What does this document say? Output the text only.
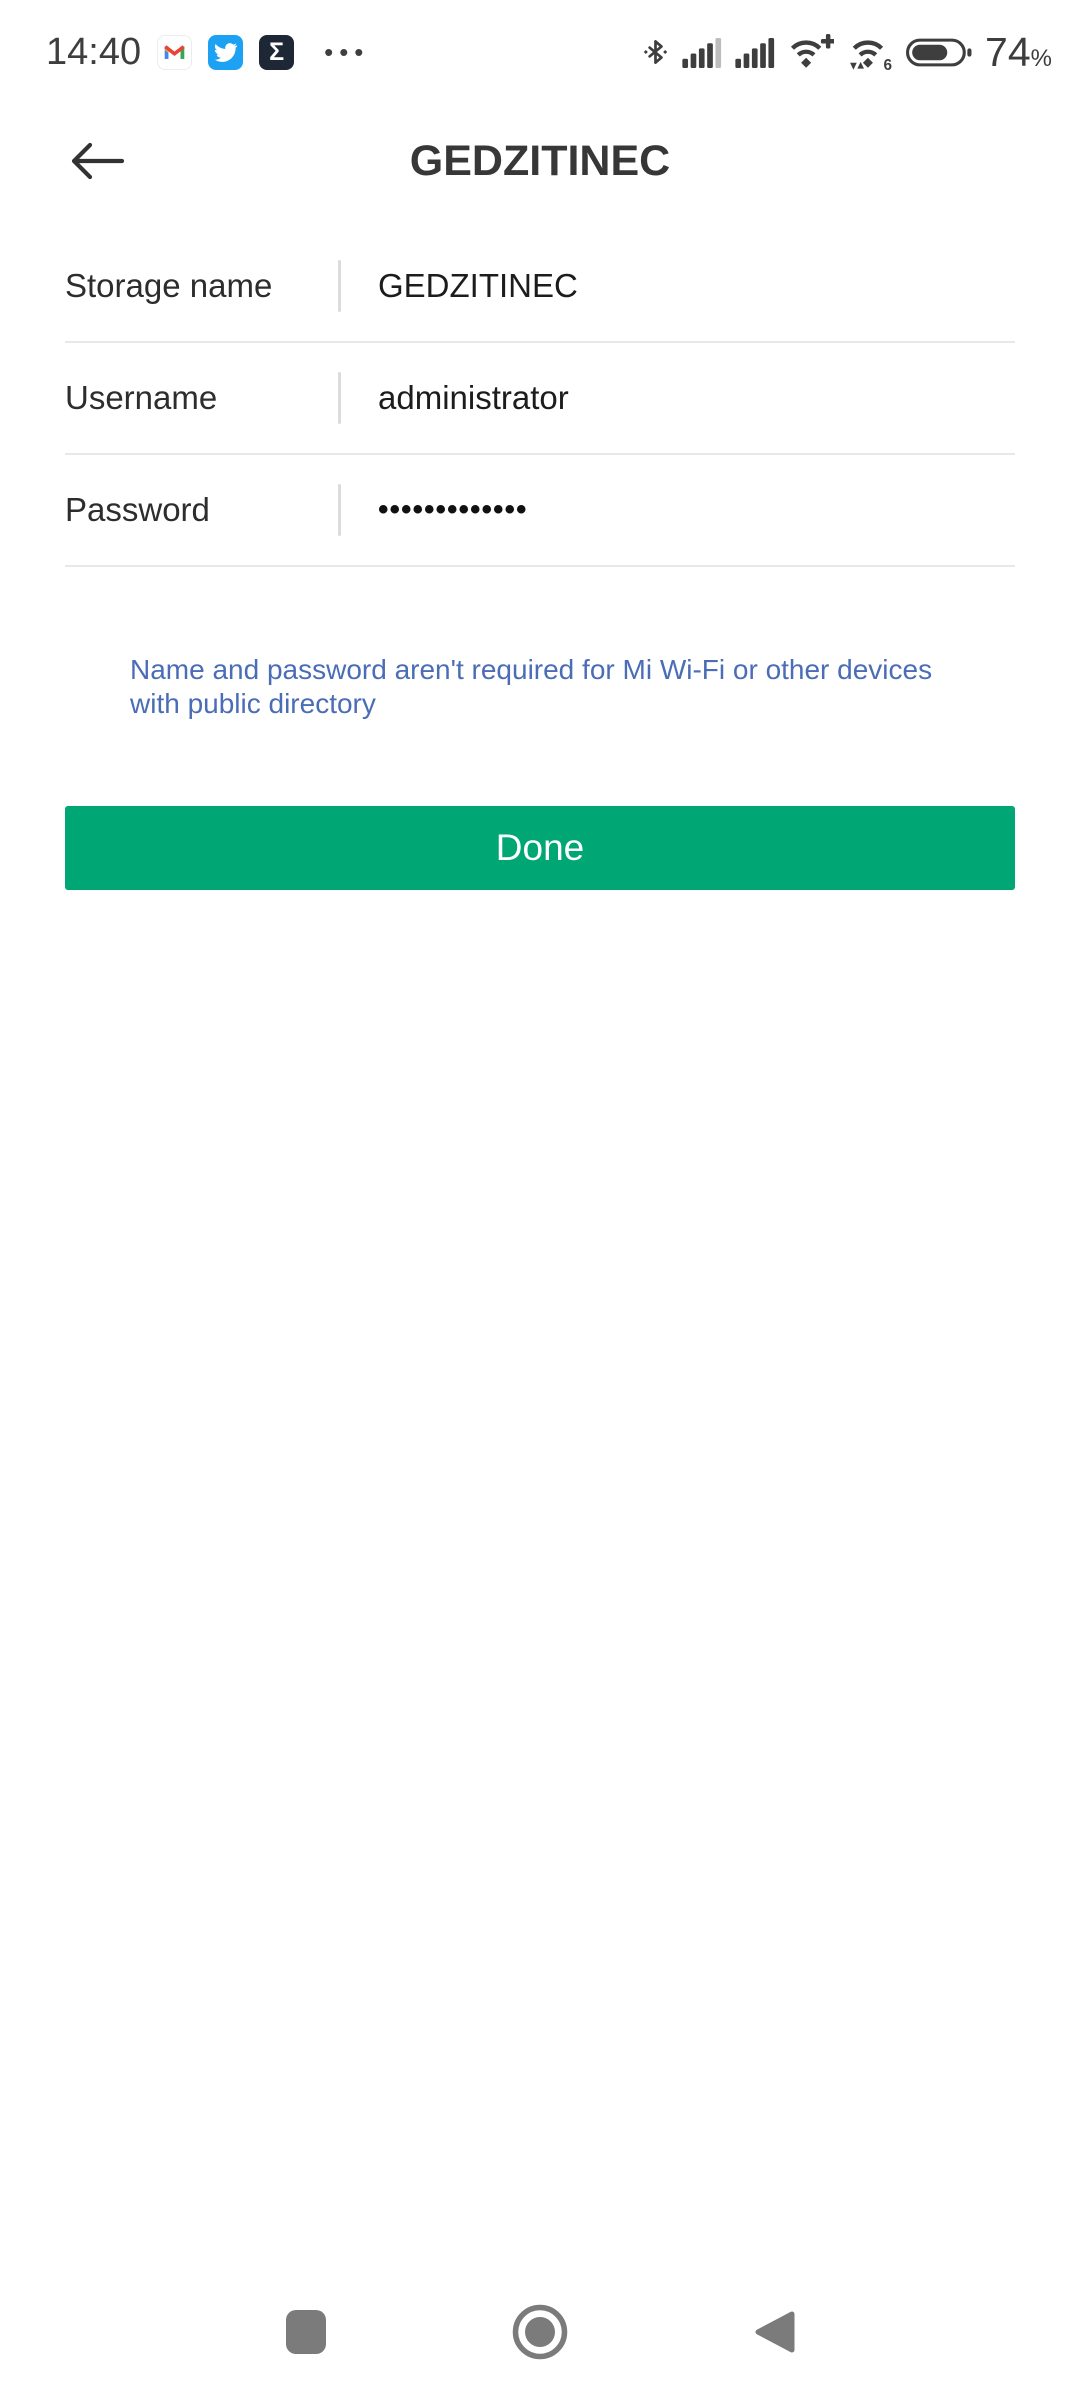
14:40	Σ •••	6 74 %
GEDZITINEC
Storage name	GEDZITINEC
Username	administrator
Password	•••••••••••••
Name and password aren't required for Mi Wi-Fi or other devices
with public directory
Done
